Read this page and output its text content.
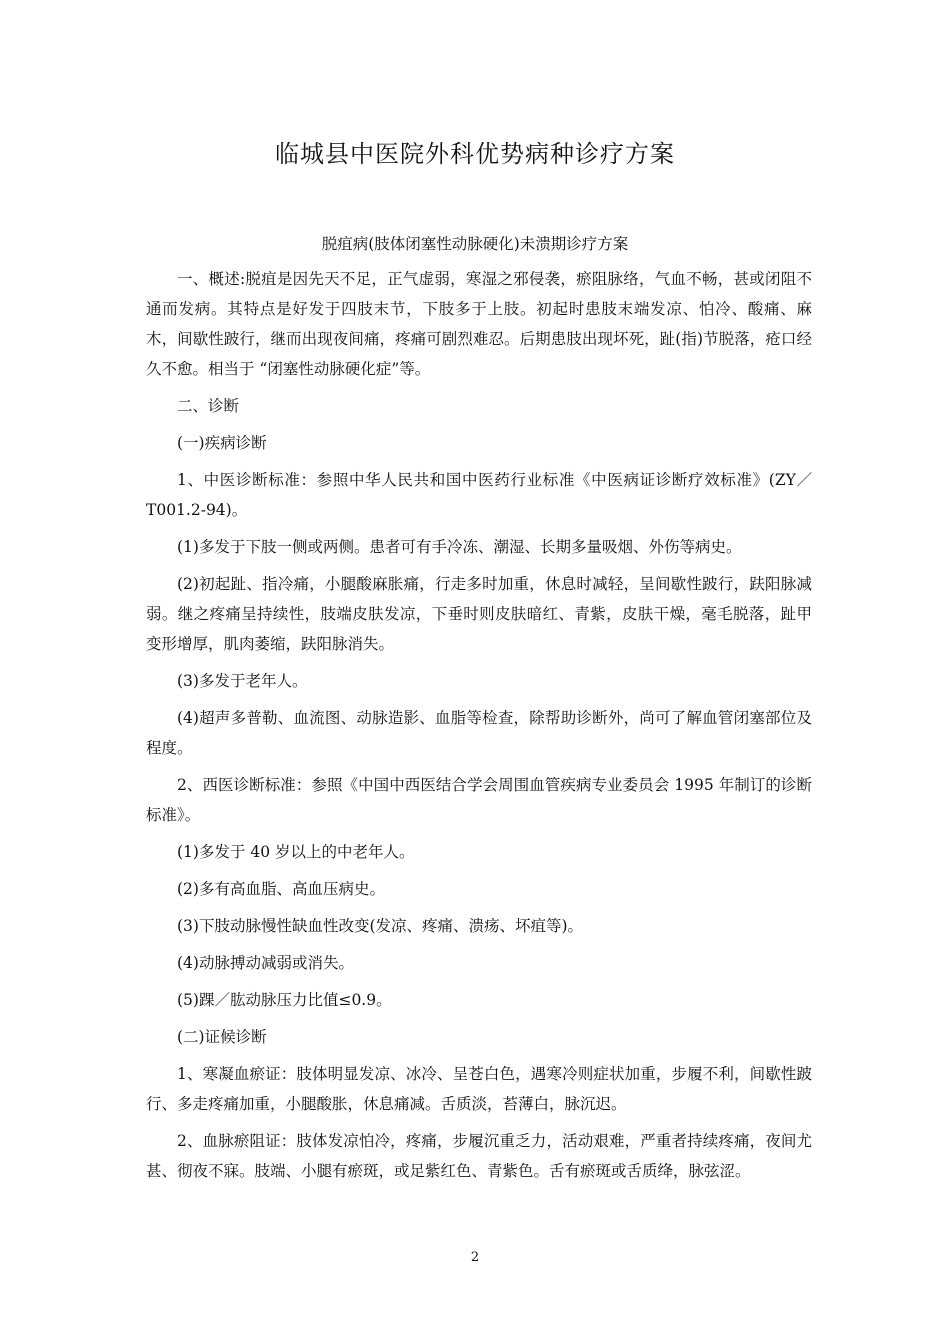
临城县中医院外科优势病种诊疗方案
脱疽病(肢体闭塞性动脉硬化)未溃期诊疗方案

一、概述:脱疽是因先天不足，正气虚弱，寒湿之邪侵袭，瘀阻脉络，气血不畅，甚或闭阻不通而发病。其特点是好发于四肢末节，下肢多于上肢。初起时患肢末端发凉、怕冷、酸痛、麻木，间歇性跛行，继而出现夜间痛，疼痛可剧烈难忍。后期患肢出现坏死，趾(指)节脱落，疮口经久不愈。相当于 “闭塞性动脉硬化症”等。

二、诊断

(一)疾病诊断

1、中医诊断标准：参照中华人民共和国中医药行业标准《中医病证诊断疗效标准》(ZY／T001.2-94)。

(1)多发于下肢一侧或两侧。患者可有手冷冻、潮湿、长期多量吸烟、外伤等病史。

(2)初起趾、指冷痛，小腿酸麻胀痛，行走多时加重，休息时减轻，呈间歇性跛行，趺阳脉减弱。继之疼痛呈持续性，肢端皮肤发凉，下垂时则皮肤暗红、青紫，皮肤干燥，毫毛脱落，趾甲变形增厚，肌肉萎缩，趺阳脉消失。

(3)多发于老年人。

(4)超声多普勒、血流图、动脉造影、血脂等检查，除帮助诊断外，尚可了解血管闭塞部位及程度。

2、西医诊断标准：参照《中国中西医结合学会周围血管疾病专业委员会 1995 年制订的诊断标准》。

(1)多发于 40 岁以上的中老年人。

(2)多有高血脂、高血压病史。

(3)下肢动脉慢性缺血性改变(发凉、疼痛、溃疡、坏疽等)。

(4)动脉搏动减弱或消失。

(5)踝／肱动脉压力比值≤0.9。

(二)证候诊断

1、寒凝血瘀证：肢体明显发凉、冰冷、呈苍白色，遇寒冷则症状加重，步履不利，间歇性跛行、多走疼痛加重，小腿酸胀，休息痛减。舌质淡，苔薄白，脉沉迟。

2、血脉瘀阻证：肢体发凉怕冷，疼痛，步履沉重乏力，活动艰难，严重者持续疼痛，夜间尤甚、彻夜不寐。肢端、小腿有瘀斑，或足紫红色、青紫色。舌有瘀斑或舌质绛，脉弦涩。

2
